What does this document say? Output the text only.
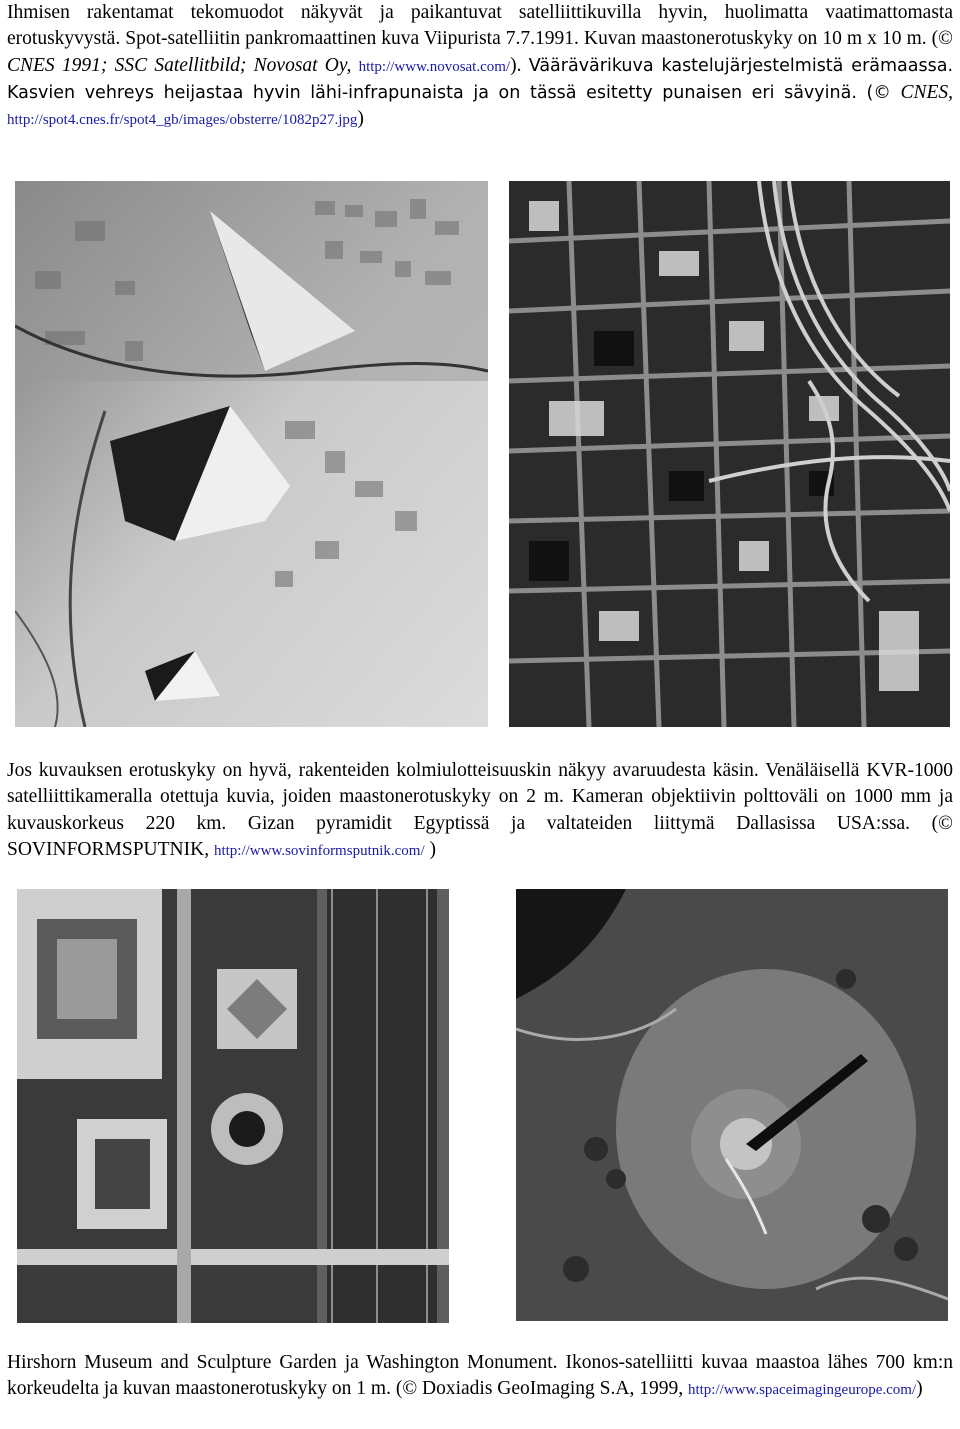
Ihmisen rakentamat tekomuodot näkyvät ja paikantuvat satelliittikuvilla hyvin, huolimatta vaatimattomasta erotuskyvystä. Spot-satelliitin pankromaattinen kuva Viipurista 7.7.1991. Kuvan maastonerotuskyky on 10 m x 10 m. (© CNES 1991; SSC Satellitbild; Novosat Oy, http://www.novosat.com/). Väärävärikuva kastelujärjestelmistä erämaassa. Kasvien vehreys heijastaa hyvin lähi-infrapunaista ja on tässä esitetty punaisen eri sävyinä. (© CNES, http://spot4.cnes.fr/spot4_gb/images/obsterre/1082p27.jpg)
Jos kuvauksen erotuskyky on hyvä, rakenteiden kolmiulotteisuuskin näkyy avaruudesta käsin. Venäläisellä KVR-1000 satelliittikameralla otettuja kuvia, joiden maastonerotuskyky on 2 m. Kameran objektiivin polttoväli on 1000 mm ja kuvauskorkeus 220 km. Gizan pyramidit Egyptissä ja valtateiden liittymä Dallasissa USA:ssa. (© SOVINFORMSPUTNIK, http://www.sovinformsputnik.com/ )
Hirshorn Museum and Sculpture Garden ja Washington Monument. Ikonos-satelliitti kuvaa maastoa lähes 700 km:n korkeudelta ja kuvan maastonerotuskyky on 1 m. (© Doxiadis GeoImaging S.A, 1999, http://www.spaceimagingeurope.com/)
